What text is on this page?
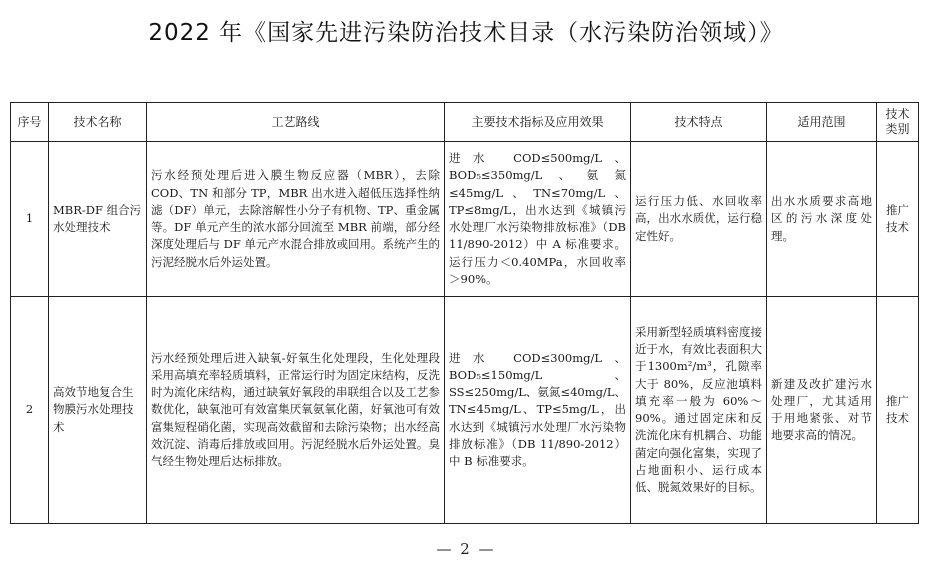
2022 年《国家先进污染防治技术目录（水污染防治领域）》
序号	技术名称	工艺路线	主要技术指标及应用效果	技术特点	适用范围	技术类别
1	MBR-DF 组合污水处理技术	污水经预处理后进入膜生物反应器（MBR），去除 COD、TN 和部分 TP，MBR 出水进入超低压选择性纳滤（DF）单元，去除溶解性小分子有机物、TP、重金属等。DF 单元产生的浓水部分回流至 MBR 前端，部分经深度处理后与 DF 单元产水混合排放或回用。系统产生的污泥经脱水后外运处置。	进水 COD≤500mg/L、BOD₅≤350mg/L、氨氮≤45mg/L、TN≤70mg/L、TP≤8mg/L，出水达到《城镇污水处理厂水污染物排放标准》（DB 11/890-2012）中 A 标准要求。运行压力＜0.40MPa，水回收率＞90%。	运行压力低、水回收率高，出水水质优，运行稳定性好。	出水水质要求高地区的污水深度处理。	推广技术
2	高效节地复合生物膜污水处理技术	污水经预处理后进入缺氧-好氧生化处理段，生化处理段采用高填充率轻质填料，正常运行时为固定床结构，反洗时为流化床结构，通过缺氧好氧段的串联组合以及工艺参数优化，缺氧池可有效富集厌氧氨氧化菌，好氧池可有效富集短程硝化菌，实现高效截留和去除污染物；出水经高效沉淀、消毒后排放或回用。污泥经脱水后外运处置。臭气经生物处理后达标排放。	进水 COD≤300mg/L、BOD₅≤150mg/L、SS≤250mg/L、氨氮≤40mg/L、TN≤45mg/L、TP≤5mg/L，出水达到《城镇污水处理厂水污染物排放标准》（DB 11/890-2012）中 B 标准要求。	采用新型轻质填料密度接近于水，有效比表面积大于1300m²/m³，孔隙率大于 80%，反应池填料填充率一般为 60%～90%。通过固定床和反洗流化床有机耦合、功能菌定向强化富集，实现了占地面积小、运行成本低、脱氮效果好的目标。	新建及改扩建污水处理厂，尤其适用于用地紧张、对节地要求高的情况。	推广技术
— 2 —
